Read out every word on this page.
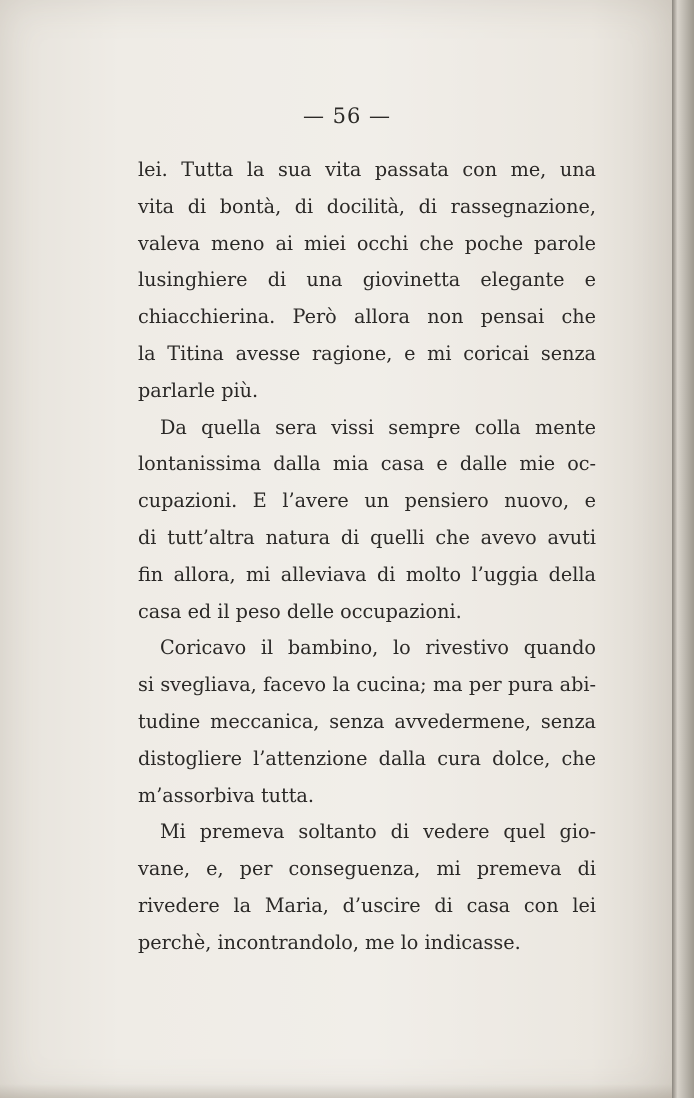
— 56 —
lei. Tutta la sua vita passata con me, una
vita di bontà, di docilità, di rassegnazione,
valeva meno ai miei occhi che poche parole
lusinghiere di una giovinetta elegante e
chiacchierina. Però allora non pensai che
la Titina avesse ragione, e mi coricai senza
parlarle più.
Da quella sera vissi sempre colla mente
lontanissima dalla mia casa e dalle mie oc-
cupazioni. E l’avere un pensiero nuovo, e
di tutt’altra natura di quelli che avevo avuti
fin allora, mi alleviava di molto l’uggia della
casa ed il peso delle occupazioni.
Coricavo il bambino, lo rivestivo quando
si svegliava, facevo la cucina; ma per pura abi-
tudine meccanica, senza avvedermene, senza
distogliere l’attenzione dalla cura dolce, che
m’assorbiva tutta.
Mi premeva soltanto di vedere quel gio-
vane, e, per conseguenza, mi premeva di
rivedere la Maria, d’uscire di casa con lei
perchè, incontrandolo, me lo indicasse.
